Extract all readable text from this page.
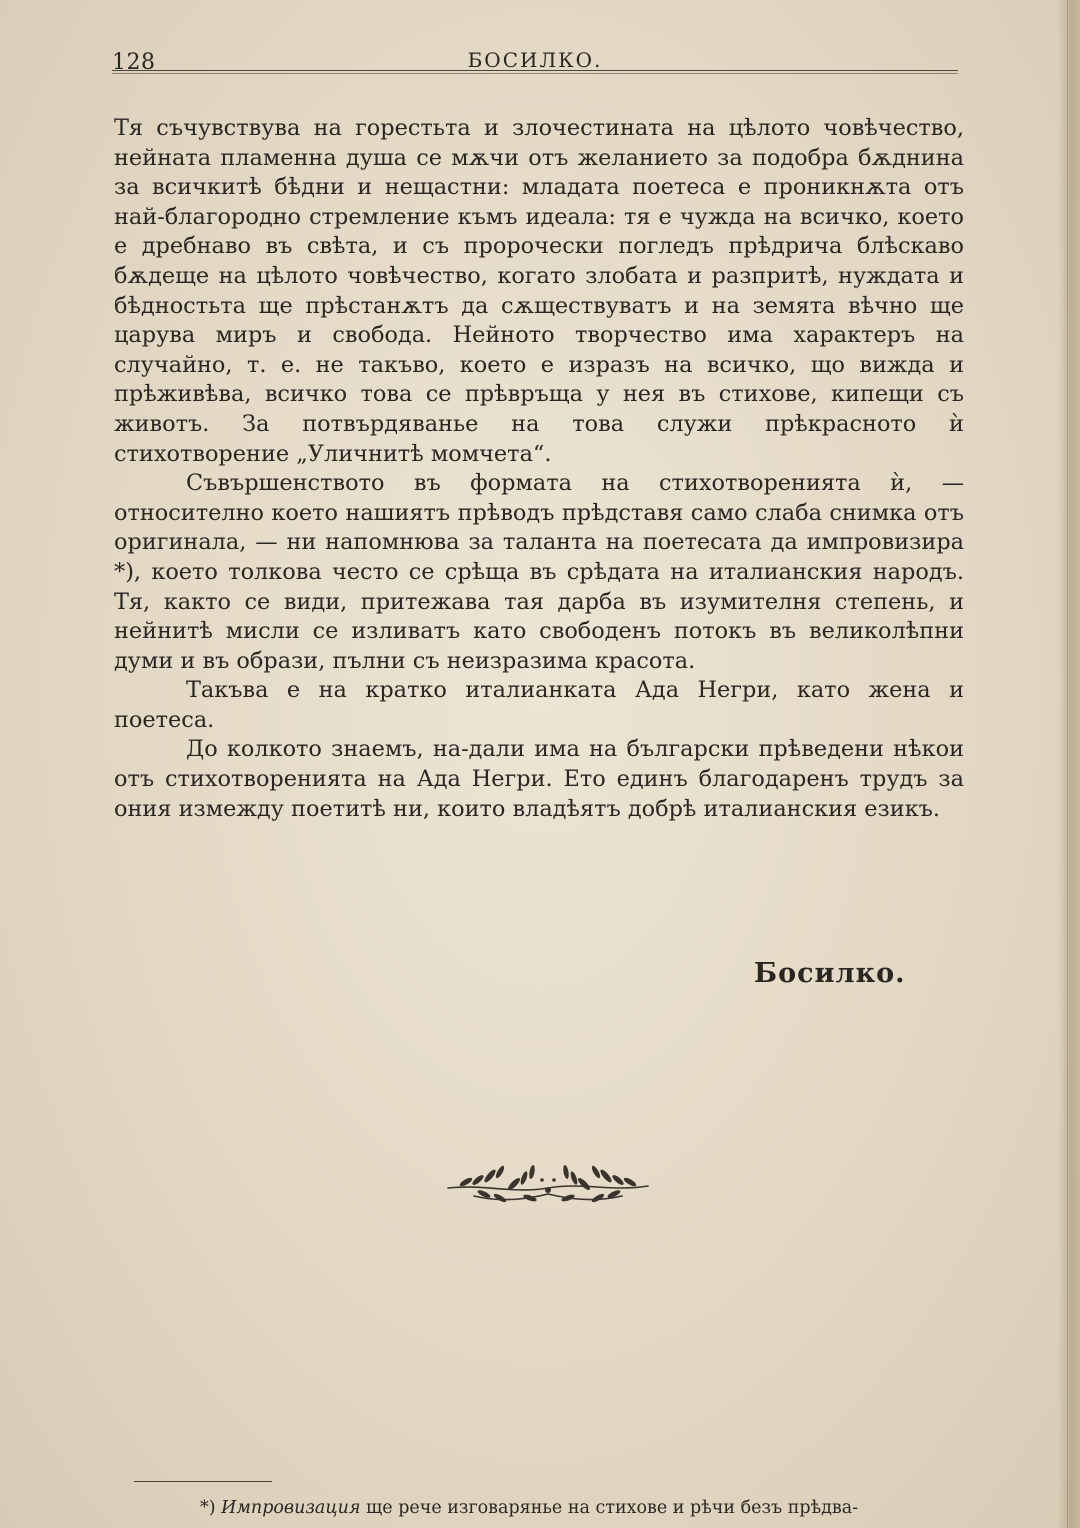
128	БОСИЛКО.

Тя съчувствува на горестьта и злочестината на цѣлото човѣчество, нейната пламенна душа се мѫчи отъ желанието за подобра бѫднина за всичкитѣ бѣдни и нещастни: младата поетеса е проникнѫта отъ най-благородно стремление къмъ идеала: тя е чужда на всичко, което е дребнаво въ свѣта, и съ пророчески погледъ прѣдрича блѣскаво бѫдеще на цѣлото човѣчество, когато злобата и разпритѣ, нуждата и бѣдностьта ще прѣстанѫтъ да сѫществуватъ и на земята вѣчно ще царува миръ и свобода. Нейното творчество има характеръ на случайно, т. е. не такъво, което е изразъ на всичко, що вижда и прѣживѣва, всичко това се прѣвръща у нея въ стихове, кипещи съ животъ. За потвърдяванье на това служи прѣкрасното ѝ стихотворение „Уличнитѣ момчета“.

Съвършенството въ формата на стихотворенията ѝ, — относително което нашиятъ прѣводъ прѣдставя само слаба снимка отъ оригинала, — ни напомнюва за таланта на поетесата да импровизира *), което толкова често се срѣща въ срѣдата на италианския народъ. Тя, както се види, притежава тая дарба въ изумителня степень, и нейнитѣ мисли се изливатъ като свободенъ потокъ въ великолѣпни думи и въ образи, пълни съ неизразима красота.

Такъва е на кратко италианката Ада Негри, като жена и поетеса.

До колкото знаемъ, на-дали има на български прѣведени нѣкои отъ стихотворенията на Ада Негри. Ето единъ благодаренъ трудъ за ония измежду поетитѣ ни, които владѣятъ добрѣ италианския езикъ.

Босилко.
*) Импровизация ще рече изговарянье на стихове и рѣчи безъ прѣдва-
